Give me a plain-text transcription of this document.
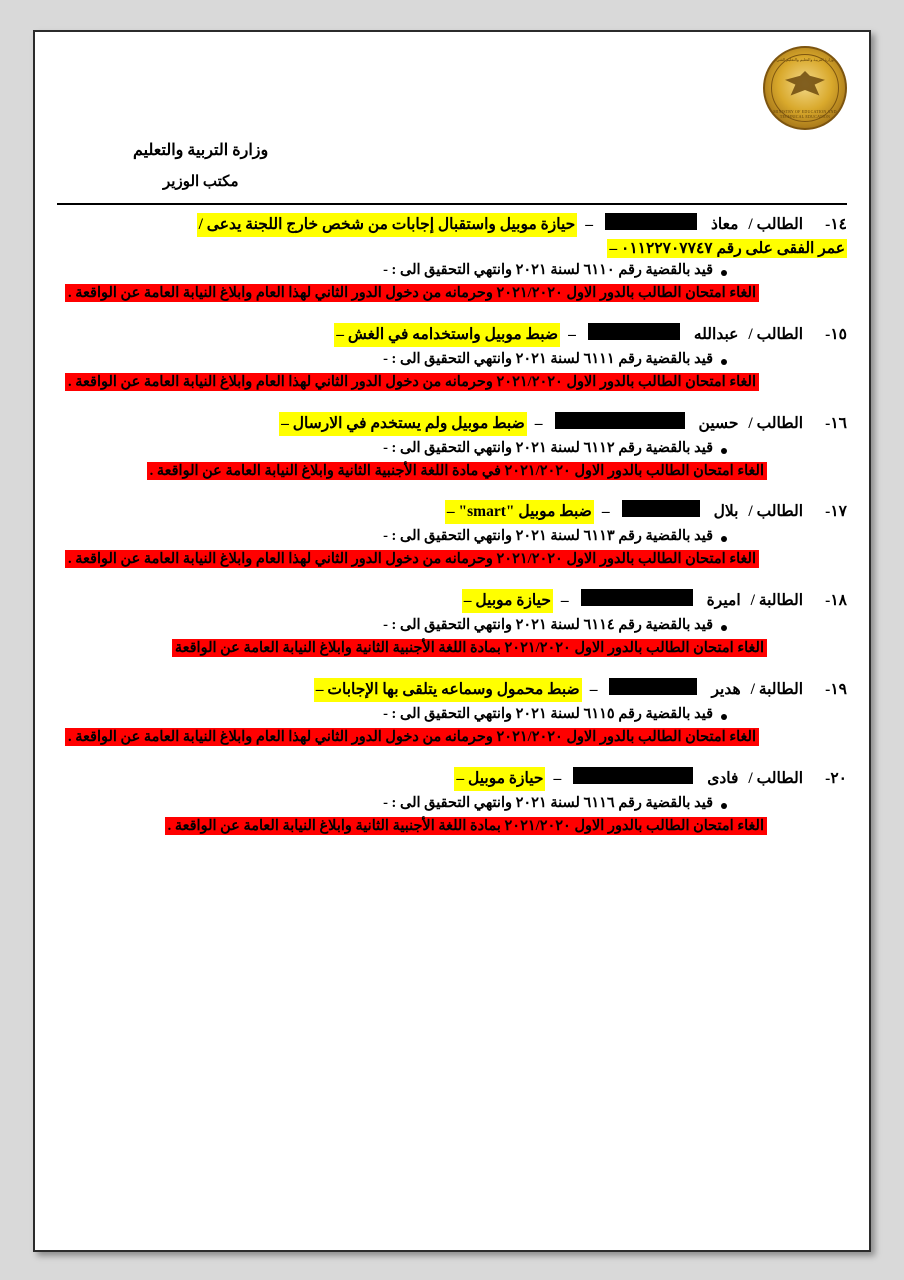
وزارة التربية والتعليم والتعليم الفني
MINISTRY OF EDUCATION AND TECHNICAL EDUCATION
وزارة التربية والتعليم
مكتب الوزير
١٤-
الطالب /
معاذ
–
حيازة موبيل واستقبال إجابات من شخص خارج اللجنة يدعى /
عمر الفقى على رقم ٠١١٢٢٧٠٧٧٤٧ –
قيد بالقضية رقم ٦١١٠ لسنة ٢٠٢١ وانتهي التحقيق الى : -
الغاء امتحان الطالب بالدور الاول ٢٠٢١/٢٠٢٠ وحرمانه من دخول الدور الثاني لهذا العام وابلاغ النيابة العامة عن الواقعة .
١٥-
الطالب /
عبدالله
–
ضبط موبيل واستخدامه في الغش –
قيد بالقضية رقم ٦١١١ لسنة ٢٠٢١ وانتهي التحقيق الى : -
الغاء امتحان الطالب بالدور الاول ٢٠٢١/٢٠٢٠ وحرمانه من دخول الدور الثاني لهذا العام وابلاغ النيابة العامة عن الواقعة .
١٦-
الطالب /
حسين
–
ضبط موبيل ولم يستخدم في الارسال –
قيد بالقضية رقم ٦١١٢ لسنة ٢٠٢١ وانتهي التحقيق الى : -
الغاء امتحان الطالب بالدور الاول ٢٠٢١/٢٠٢٠ في مادة اللغة الأجنبية الثانية وابلاغ النيابة العامة عن الواقعة .
١٧-
الطالب /
بلال
–
ضبط موبيل "smart" –
قيد بالقضية رقم ٦١١٣ لسنة ٢٠٢١ وانتهي التحقيق الى : -
الغاء امتحان الطالب بالدور الاول ٢٠٢١/٢٠٢٠ وحرمانه من دخول الدور الثاني لهذا العام وابلاغ النيابة العامة عن الواقعة .
١٨-
الطالبة /
اميرة
–
حيازة موبيل –
قيد بالقضية رقم ٦١١٤ لسنة ٢٠٢١ وانتهي التحقيق الى : -
الغاء امتحان الطالب بالدور الاول ٢٠٢١/٢٠٢٠ بمادة اللغة الأجنبية الثانية وابلاغ النيابة العامة عن الواقعة
١٩-
الطالبة /
هدير
–
ضبط محمول وسماعه يتلقى بها الإجابات –
قيد بالقضية رقم ٦١١٥ لسنة ٢٠٢١ وانتهي التحقيق الى : -
الغاء امتحان الطالب بالدور الاول ٢٠٢١/٢٠٢٠ وحرمانه من دخول الدور الثاني لهذا العام وابلاغ النيابة العامة عن الواقعة .
٢٠-
الطالب /
فادى
–
حيازة موبيل –
قيد بالقضية رقم ٦١١٦ لسنة ٢٠٢١ وانتهي التحقيق الى : -
الغاء امتحان الطالب بالدور الاول ٢٠٢١/٢٠٢٠ بمادة اللغة الأجنبية الثانية وابلاغ النيابة العامة عن الواقعة .
